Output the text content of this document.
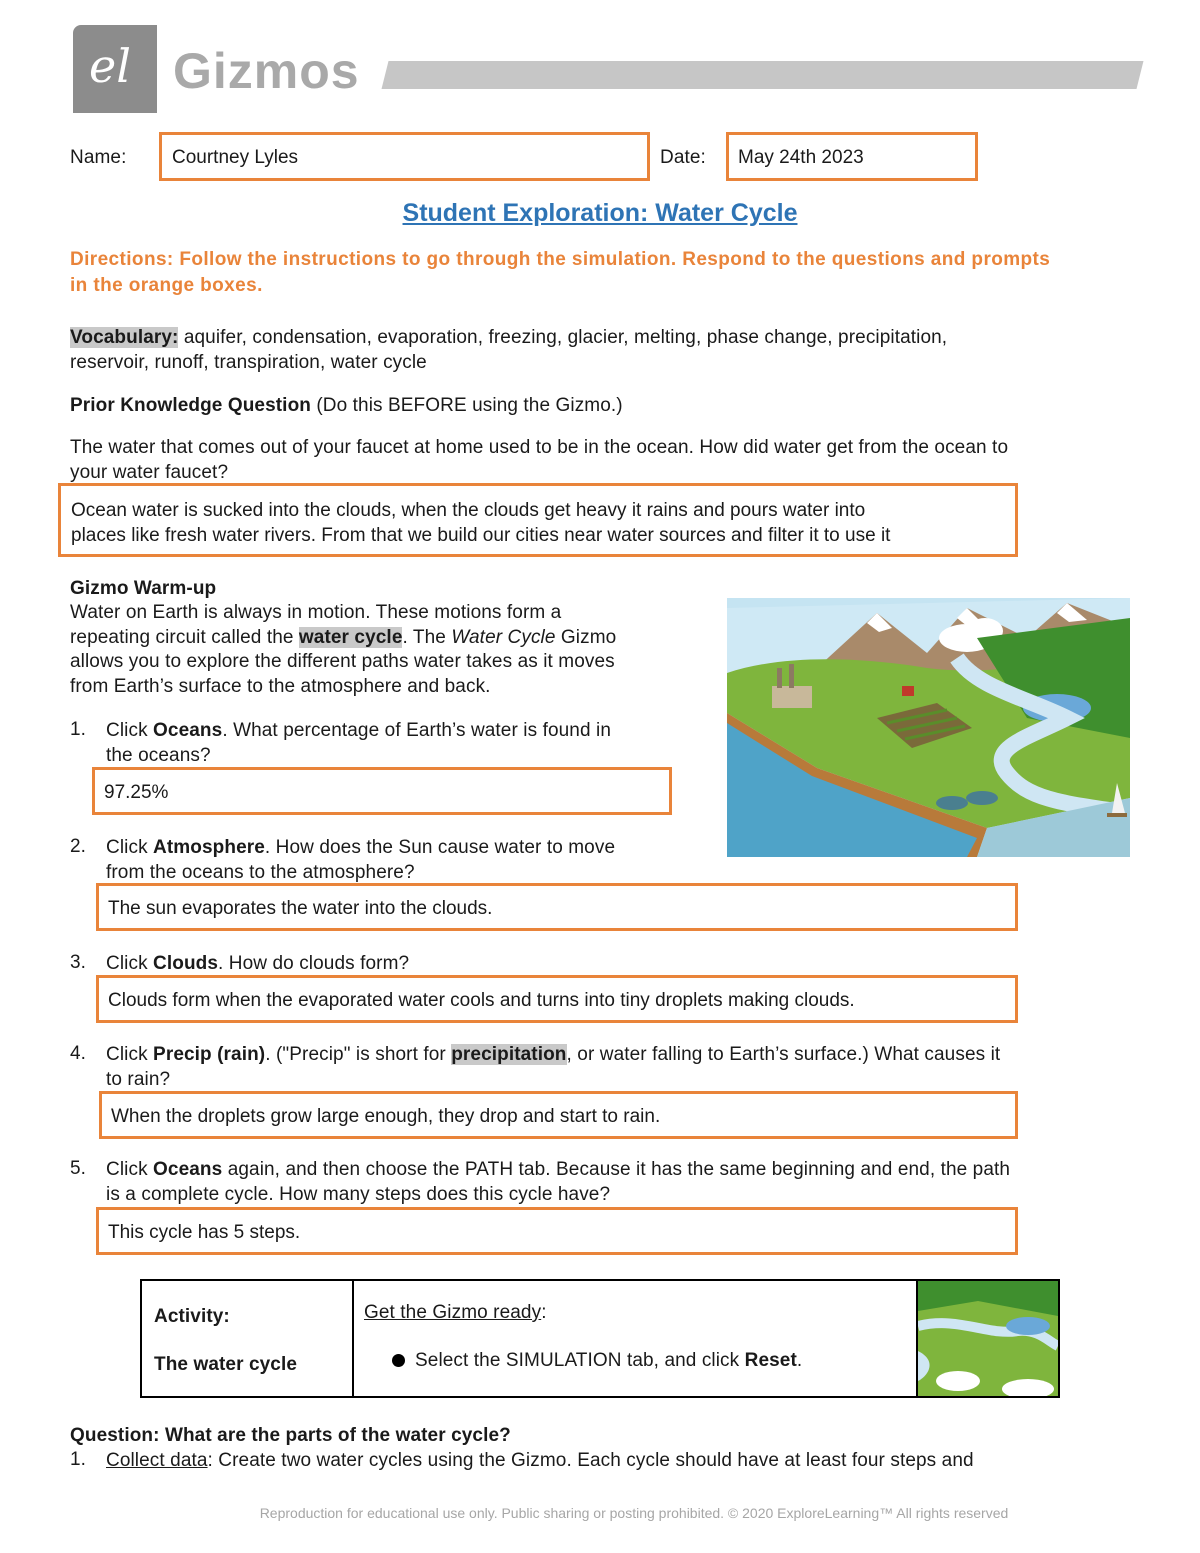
el Gizmos
Name: Courtney Lyles	Date: May 24th 2023
Student Exploration: Water Cycle
Directions: Follow the instructions to go through the simulation. Respond to the questions and prompts in the orange boxes.
Vocabulary: aquifer, condensation, evaporation, freezing, glacier, melting, phase change, precipitation,
reservoir, runoff, transpiration, water cycle
Prior Knowledge Question (Do this BEFORE using the Gizmo.)
The water that comes out of your faucet at home used to be in the ocean. How did water get from the ocean to
your water faucet?
Ocean water is sucked into the clouds, when the clouds get heavy it rains and pours water into
places like fresh water rivers. From that we build our cities near water sources and filter it to use it
Gizmo Warm-up
Water on Earth is always in motion. These motions form a
repeating circuit called the water cycle. The Water Cycle Gizmo
allows you to explore the different paths water takes as it moves
from Earth’s surface to the atmosphere and back.
1. Click Oceans. What percentage of Earth’s water is found in
the oceans?
97.25%
2. Click Atmosphere. How does the Sun cause water to move
from the oceans to the atmosphere?
The sun evaporates the water into the clouds.
3. Click Clouds. How do clouds form?
Clouds form when the evaporated water cools and turns into tiny droplets making clouds.
4. Click Precip (rain). ("Precip" is short for precipitation, or water falling to Earth’s surface.) What causes it
to rain?
When the droplets grow large enough, they drop and start to rain.
5. Click Oceans again, and then choose the PATH tab. Because it has the same beginning and end, the path
is a complete cycle. How many steps does this cycle have?
This cycle has 5 steps.
Activity:
The water cycle
Get the Gizmo ready:
Select the SIMULATION tab, and click Reset.
Question: What are the parts of the water cycle?
1. Collect data: Create two water cycles using the Gizmo. Each cycle should have at least four steps and
Reproduction for educational use only. Public sharing or posting prohibited. © 2020 ExploreLearning™ All rights reserved
